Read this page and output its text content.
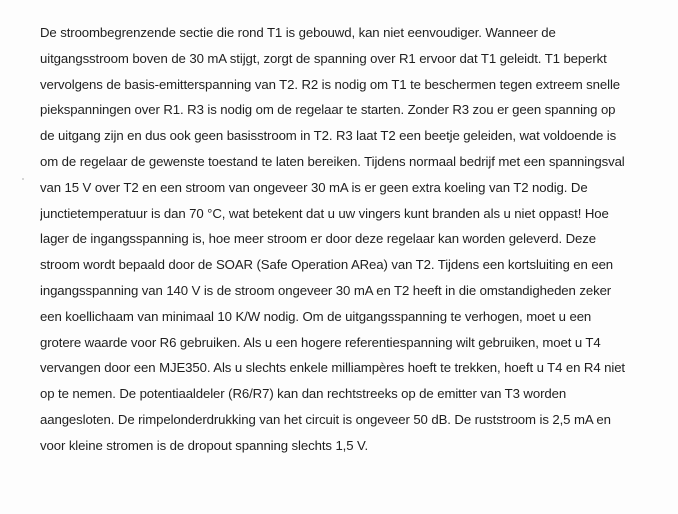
De stroombegrenzende sectie die rond T1 is gebouwd, kan niet eenvoudiger. Wanneer de
uitgangsstroom boven de 30 mA stijgt, zorgt de spanning over R1 ervoor dat T1 geleidt. T1 beperkt
vervolgens de basis-emitterspanning van T2. R2 is nodig om T1 te beschermen tegen extreem snelle
piekspanningen over R1. R3 is nodig om de regelaar te starten. Zonder R3 zou er geen spanning op
de uitgang zijn en dus ook geen basisstroom in T2. R3 laat T2 een beetje geleiden, wat voldoende is
om de regelaar de gewenste toestand te laten bereiken. Tijdens normaal bedrijf met een spanningsval
van 15 V over T2 en een stroom van ongeveer 30 mA is er geen extra koeling van T2 nodig. De
junctietemperatuur is dan 70 °C, wat betekent dat u uw vingers kunt branden als u niet oppast! Hoe
lager de ingangsspanning is, hoe meer stroom er door deze regelaar kan worden geleverd. Deze
stroom wordt bepaald door de SOAR (Safe Operation ARea) van T2. Tijdens een kortsluiting en een
ingangsspanning van 140 V is de stroom ongeveer 30 mA en T2 heeft in die omstandigheden zeker
een koellichaam van minimaal 10 K/W nodig. Om de uitgangsspanning te verhogen, moet u een
grotere waarde voor R6 gebruiken. Als u een hogere referentiespanning wilt gebruiken, moet u T4
vervangen door een MJE350. Als u slechts enkele milliampères hoeft te trekken, hoeft u T4 en R4 niet
op te nemen. De potentiaaldeler (R6/R7) kan dan rechtstreeks op de emitter van T3 worden
aangesloten. De rimpelonderdrukking van het circuit is ongeveer 50 dB. De ruststroom is 2,5 mA en
voor kleine stromen is de dropout spanning slechts 1,5 V.
